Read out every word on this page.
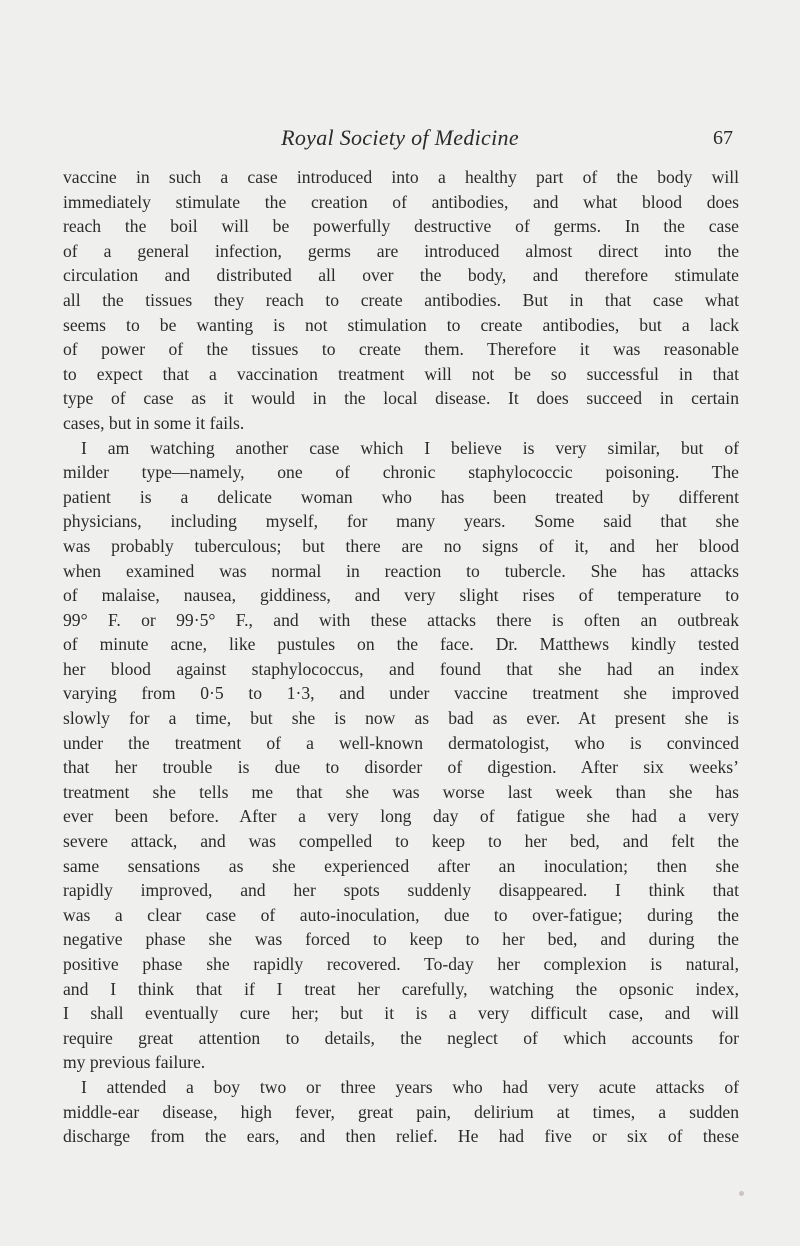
Royal Society of Medicine	67

vaccine in such a case introduced into a healthy part of the body will
immediately stimulate the creation of antibodies, and what blood does
reach the boil will be powerfully destructive of germs. In the case
of a general infection, germs are introduced almost direct into the
circulation and distributed all over the body, and therefore stimulate
all the tissues they reach to create antibodies. But in that case what
seems to be wanting is not stimulation to create antibodies, but a lack
of power of the tissues to create them. Therefore it was reasonable
to expect that a vaccination treatment will not be so successful in that
type of case as it would in the local disease. It does succeed in certain
cases, but in some it fails.

I am watching another case which I believe is very similar, but of
milder type—namely, one of chronic staphylococcic poisoning. The
patient is a delicate woman who has been treated by different
physicians, including myself, for many years. Some said that she
was probably tuberculous; but there are no signs of it, and her blood
when examined was normal in reaction to tubercle. She has attacks
of malaise, nausea, giddiness, and very slight rises of temperature to
99° F. or 99·5° F., and with these attacks there is often an outbreak
of minute acne, like pustules on the face. Dr. Matthews kindly tested
her blood against staphylococcus, and found that she had an index
varying from 0·5 to 1·3, and under vaccine treatment she improved
slowly for a time, but she is now as bad as ever. At present she is
under the treatment of a well-known dermatologist, who is convinced
that her trouble is due to disorder of digestion. After six weeks’
treatment she tells me that she was worse last week than she has
ever been before. After a very long day of fatigue she had a very
severe attack, and was compelled to keep to her bed, and felt the
same sensations as she experienced after an inoculation; then she
rapidly improved, and her spots suddenly disappeared. I think that
was a clear case of auto-inoculation, due to over-fatigue; during the
negative phase she was forced to keep to her bed, and during the
positive phase she rapidly recovered. To-day her complexion is natural,
and I think that if I treat her carefully, watching the opsonic index,
I shall eventually cure her; but it is a very difficult case, and will
require great attention to details, the neglect of which accounts for
my previous failure.

I attended a boy two or three years who had very acute attacks of
middle-ear disease, high fever, great pain, delirium at times, a sudden
discharge from the ears, and then relief. He had five or six of these
